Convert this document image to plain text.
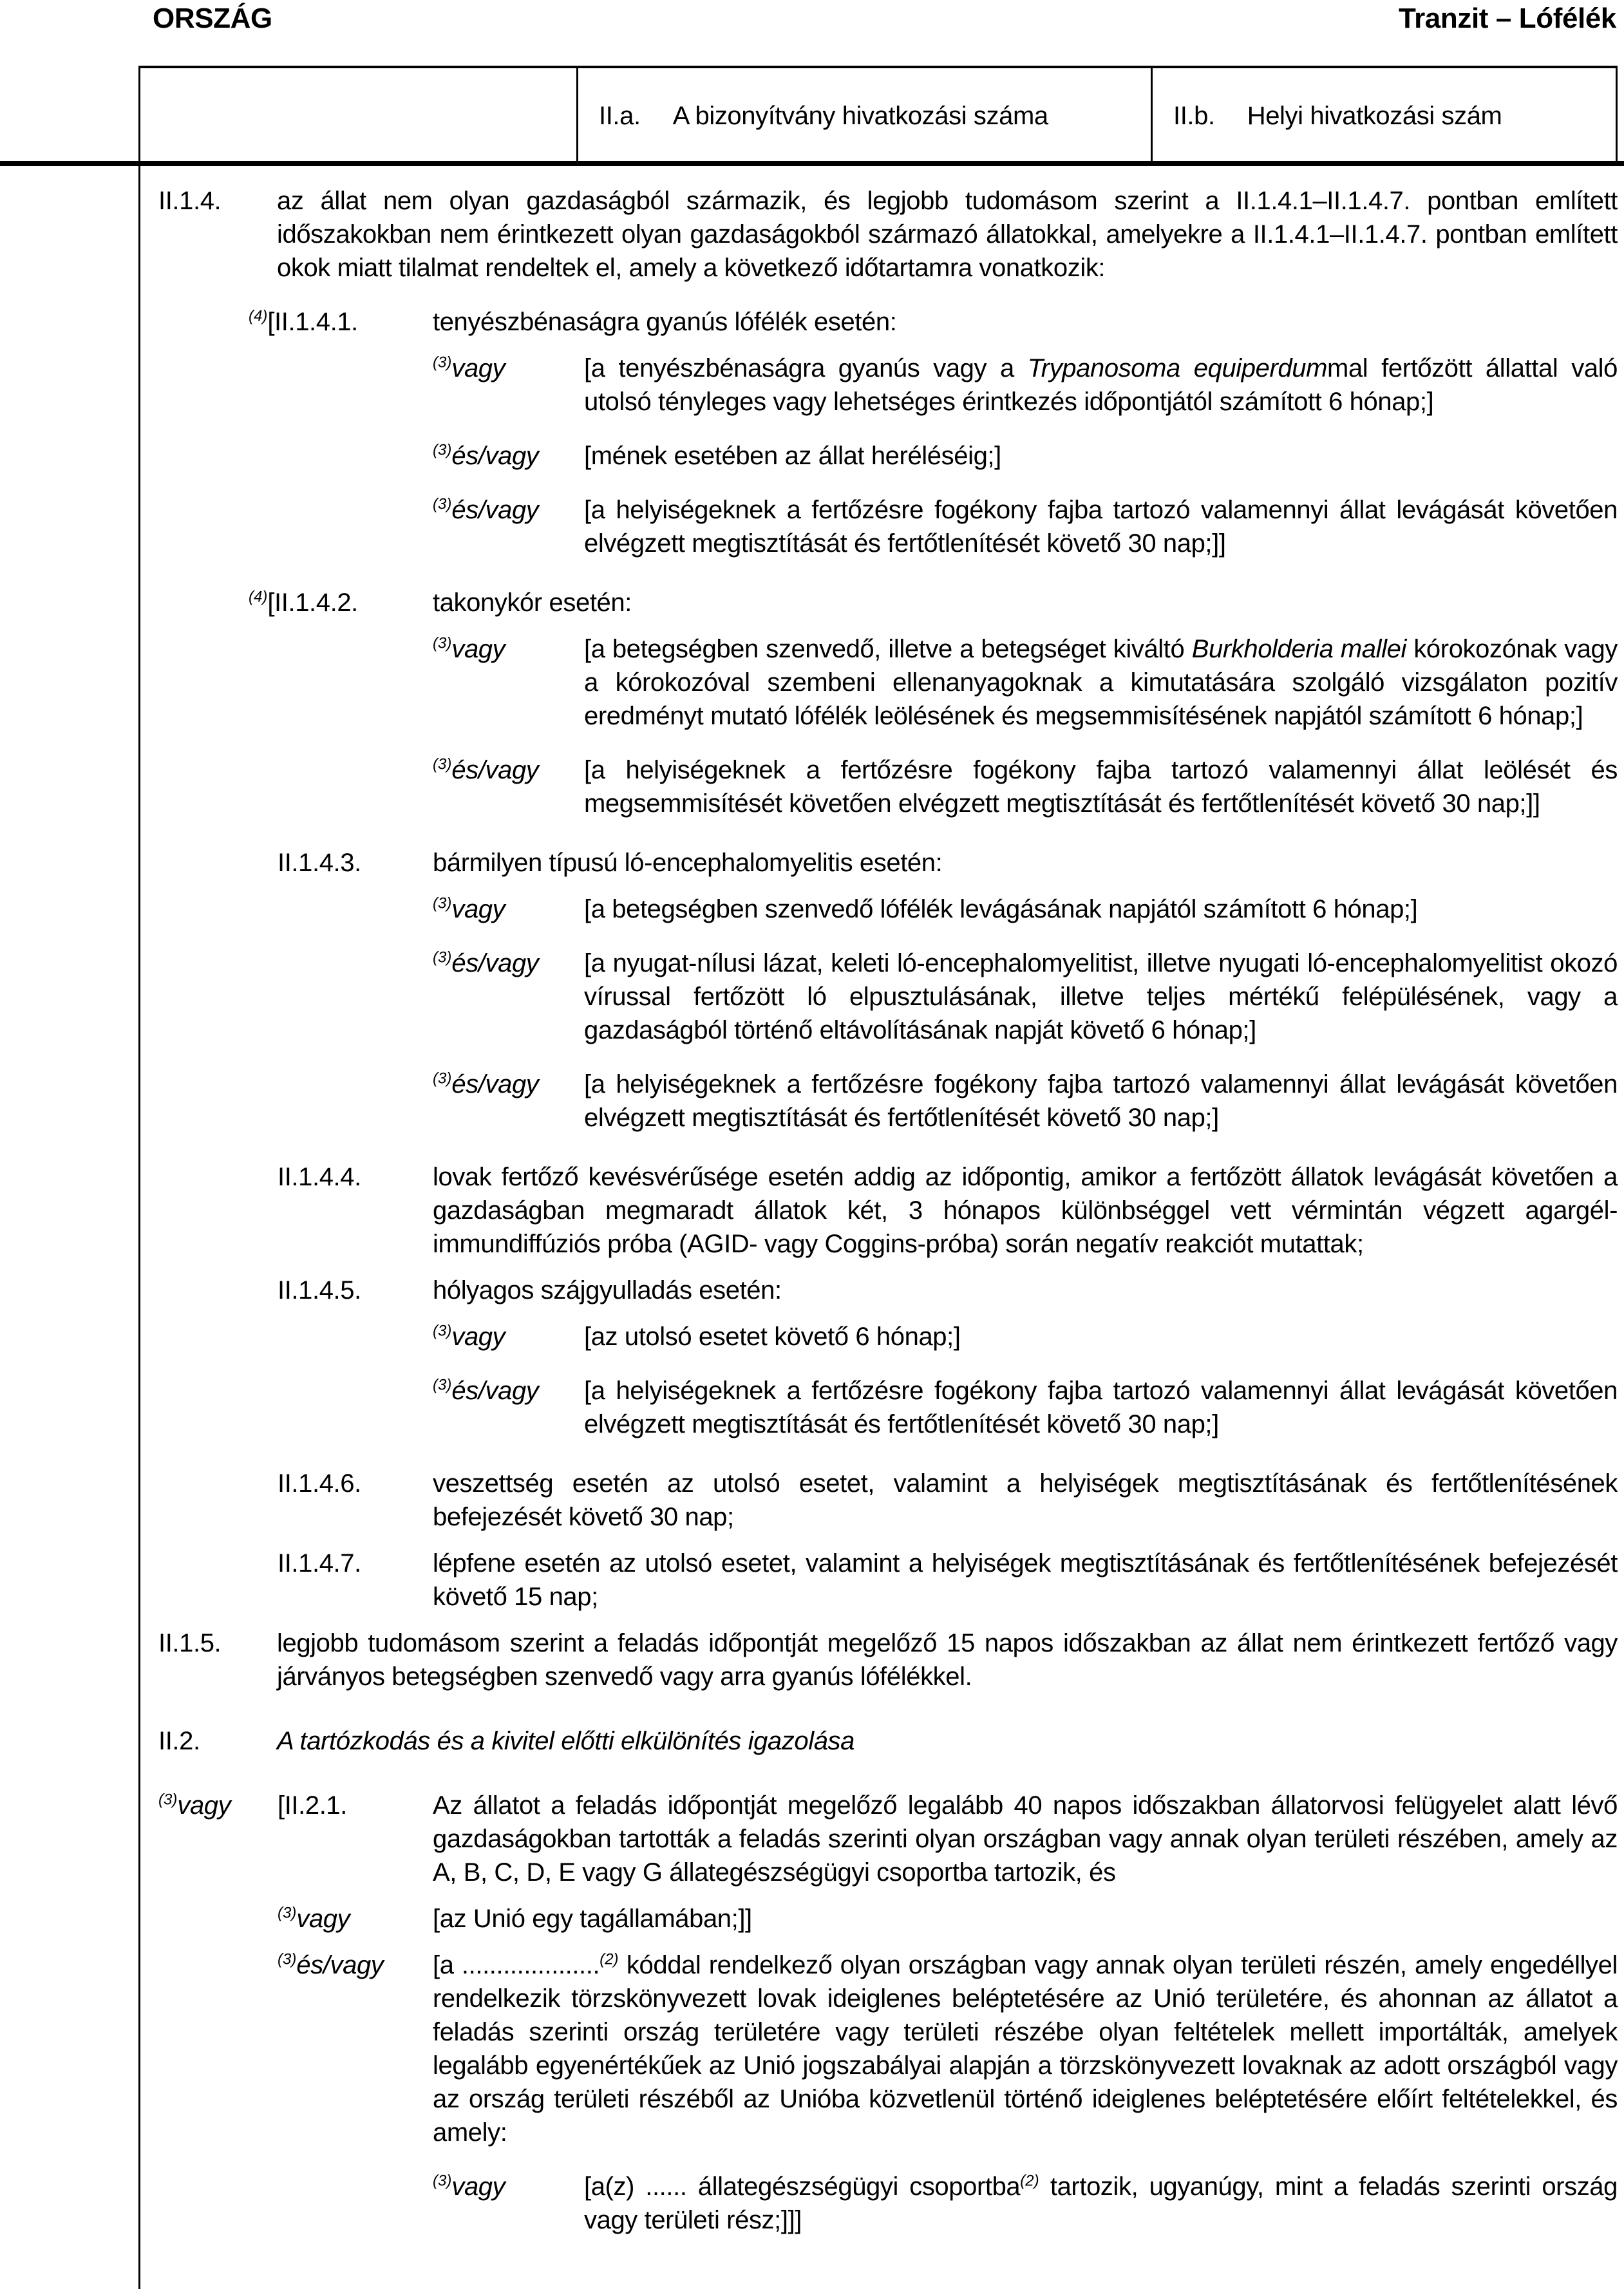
ORSZÁG	Tranzit – Lófélék
II.a. A bizonyítvány hivatkozási száma	II.b. Helyi hivatkozási szám
II.1.4.	az állat nem olyan gazdaságból származik, és legjobb tudomásom szerint a II.1.4.1–II.1.4.7. pontban említett időszakokban nem érintkezett olyan gazdaságokból származó állatokkal, amelyekre a II.1.4.1–II.1.4.7. pontban említett okok miatt tilalmat rendeltek el, amely a következő időtartamra vonatkozik:
$^{(4)}$[II.1.4.1.	tenyészbénaságra gyanús lófélék esetén:
$^{(3)}$vagy	[a tenyészbénaságra gyanús vagy a Trypanosoma equiperdummal fertőzött állattal való utolsó tényleges vagy lehetséges érintkezés időpontjától számított 6 hónap;]
$^{(3)}$és/vagy	[mének esetében az állat heréléséig;]
$^{(3)}$és/vagy	[a helyiségeknek a fertőzésre fogékony fajba tartozó valamennyi állat levágását követően elvégzett megtisztítását és fertőtlenítését követő 30 nap;]]
$^{(4)}$[II.1.4.2.	takonykór esetén:
$^{(3)}$vagy	[a betegségben szenvedő, illetve a betegséget kiváltó Burkholderia mallei kórokozónak vagy a kórokozóval szembeni ellenanyagoknak a kimutatására szolgáló vizsgálaton pozitív eredményt mutató lófélék leölésének és megsemmisítésének napjától számított 6 hónap;]
$^{(3)}$és/vagy	[a helyiségeknek a fertőzésre fogékony fajba tartozó valamennyi állat leölését és megsemmisítését követően elvégzett megtisztítását és fertőtlenítését követő 30 nap;]]
II.1.4.3.	bármilyen típusú ló-encephalomyelitis esetén:
$^{(3)}$vagy	[a betegségben szenvedő lófélék levágásának napjától számított 6 hónap;]
$^{(3)}$és/vagy	[a nyugat-nílusi lázat, keleti ló-encephalomyelitist, illetve nyugati ló-encephalomyelitist okozó vírussal fertőzött ló elpusztulásának, illetve teljes mértékű felépülésének, vagy a gazdaságból történő eltávolításának napját követő 6 hónap;]
$^{(3)}$és/vagy	[a helyiségeknek a fertőzésre fogékony fajba tartozó valamennyi állat levágását követően elvégzett megtisztítását és fertőtlenítését követő 30 nap;]
II.1.4.4.	lovak fertőző kevésvérűsége esetén addig az időpontig, amikor a fertőzött állatok levágását követően a gazdaságban megmaradt állatok két, 3 hónapos különbséggel vett vérmintán végzett agargél-immundiffúziós próba (AGID- vagy Coggins-próba) során negatív reakciót mutattak;
II.1.4.5.	hólyagos szájgyulladás esetén:
$^{(3)}$vagy	[az utolsó esetet követő 6 hónap;]
$^{(3)}$és/vagy	[a helyiségeknek a fertőzésre fogékony fajba tartozó valamennyi állat levágását követően elvégzett megtisztítását és fertőtlenítését követő 30 nap;]
II.1.4.6.	veszettség esetén az utolsó esetet, valamint a helyiségek megtisztításának és fertőtlenítésének befejezését követő 30 nap;
II.1.4.7.	lépfene esetén az utolsó esetet, valamint a helyiségek megtisztításának és fertőtlenítésének befejezését követő 15 nap;
II.1.5.	legjobb tudomásom szerint a feladás időpontját megelőző 15 napos időszakban az állat nem érintkezett fertőző vagy járványos betegségben szenvedő vagy arra gyanús lófélékkel.
II.2.	A tartózkodás és a kivitel előtti elkülönítés igazolása
$^{(3)}$vagy	[II.2.1.	Az állatot a feladás időpontját megelőző legalább 40 napos időszakban állatorvosi felügyelet alatt lévő gazdaságokban tartották a feladás szerinti olyan országban vagy annak olyan területi részében, amely az A, B, C, D, E vagy G állategészségügyi csoportba tartozik, és
$^{(3)}$vagy	[az Unió egy tagállamában;]]
$^{(3)}$és/vagy	[a ....................$^{(2)}$ kóddal rendelkező olyan országban vagy annak olyan területi részén, amely engedéllyel rendelkezik törzskönyvezett lovak ideiglenes beléptetésére az Unió területére, és ahonnan az állatot a feladás szerinti ország területére vagy területi részébe olyan feltételek mellett importálták, amelyek legalább egyenértékűek az Unió jogszabályai alapján a törzskönyvezett lovaknak az adott országból vagy az ország területi részéből az Unióba közvetlenül történő ideiglenes beléptetésére előírt feltételekkel, és amely:
$^{(3)}$vagy	[a(z) ...... állategészségügyi csoportba$^{(2)}$ tartozik, ugyanúgy, mint a feladás szerinti ország vagy területi rész;]]]
